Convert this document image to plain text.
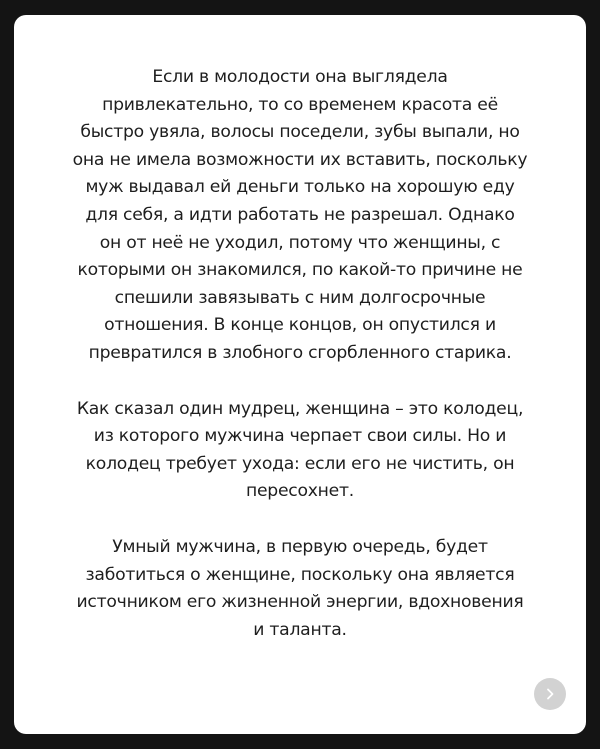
Если в молодости она выглядела
привлекательно, то со временем красота её
быстро увяла, волосы поседели, зубы выпали, но
она не имела возможности их вставить, поскольку
муж выдавал ей деньги только на хорошую еду
для себя, а идти работать не разрешал. Однако
он от неё не уходил, потому что женщины, с
которыми он знакомился, по какой-то причине не
спешили завязывать с ним долгосрочные
отношения. В конце концов, он опустился и
превратился в злобного сгорбленного старика.

Как сказал один мудрец, женщина – это колодец,
из которого мужчина черпает свои силы. Но и
колодец требует ухода: если его не чистить, он
пересохнет.

Умный мужчина, в первую очередь, будет
заботиться о женщине, поскольку она является
источником его жизненной энергии, вдохновения
и таланта.
